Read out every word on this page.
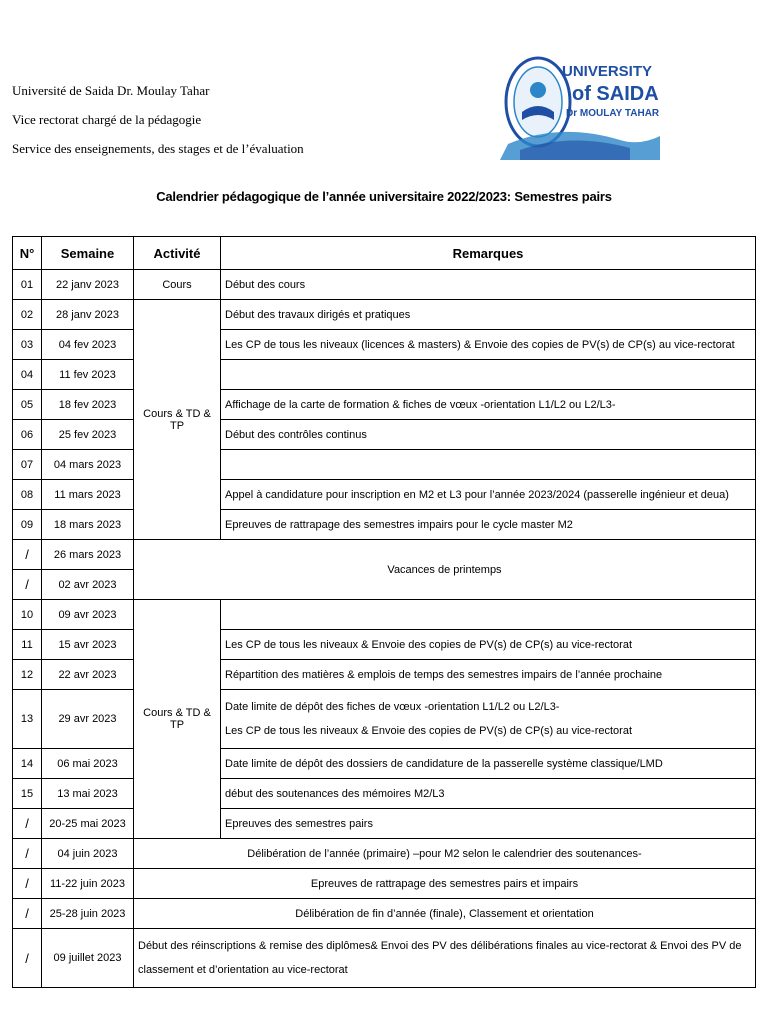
Université de Saida Dr. Moulay Tahar
Vice rectorat chargé de la pédagogie
Service des enseignements, des stages et de l’évaluation
UNIVERSITY
of SAIDA
Dr MOULAY TAHAR
Calendrier pédagogique de l’année universitaire 2022/2023: Semestres pairs
N°	Semaine	Activité	Remarques
01	22 janv 2023	Cours	Début des cours
02	28 janv 2023	Cours & TD & TP	Début des travaux dirigés et pratiques
03	04 fev 2023		Les CP de tous les niveaux (licences & masters) & Envoie des copies de PV(s) de CP(s) au vice-rectorat
04	11 fev 2023		
05	18 fev 2023		Affichage de la carte de formation & fiches de vœux -orientation L1/L2 ou L2/L3-
06	25 fev 2023		Début des contrôles continus
07	04 mars 2023		
08	11 mars 2023		Appel à candidature pour inscription en M2 et L3 pour l’année 2023/2024 (passerelle ingénieur et deua)
09	18 mars 2023		Epreuves de rattrapage des semestres impairs pour le cycle master M2
/	26 mars 2023	Vacances de printemps	
/	02 avr 2023		
10	09 avr 2023	Cours & TD & TP	
11	15 avr 2023		Les CP de tous les niveaux & Envoie des copies de PV(s) de CP(s) au vice-rectorat
12	22 avr 2023		Répartition des matières & emplois de temps des semestres impairs de l’année prochaine
13	29 avr 2023		Date limite de dépôt des fiches de vœux -orientation L1/L2 ou L2/L3-
Les CP de tous les niveaux & Envoie des copies de PV(s) de CP(s) au vice-rectorat

14	06 mai 2023		Date limite de dépôt des dossiers de candidature de la passerelle système classique/LMD
15	13 mai 2023		début des soutenances des mémoires M2/L3
/	20-25 mai 2023		Epreuves des semestres pairs
/	04 juin 2023	Délibération de l’année (primaire) –pour M2 selon le calendrier des soutenances-	
/	11-22 juin 2023	Epreuves de rattrapage des semestres pairs et impairs	
/	25-28 juin 2023	Délibération de fin d’année (finale), Classement et orientation	
/	09 juillet 2023	Début des réinscriptions & remise des diplômes& Envoi des PV des délibérations finales au vice-rectorat & Envoi des PV de classement et d’orientation au vice-rectorat	
